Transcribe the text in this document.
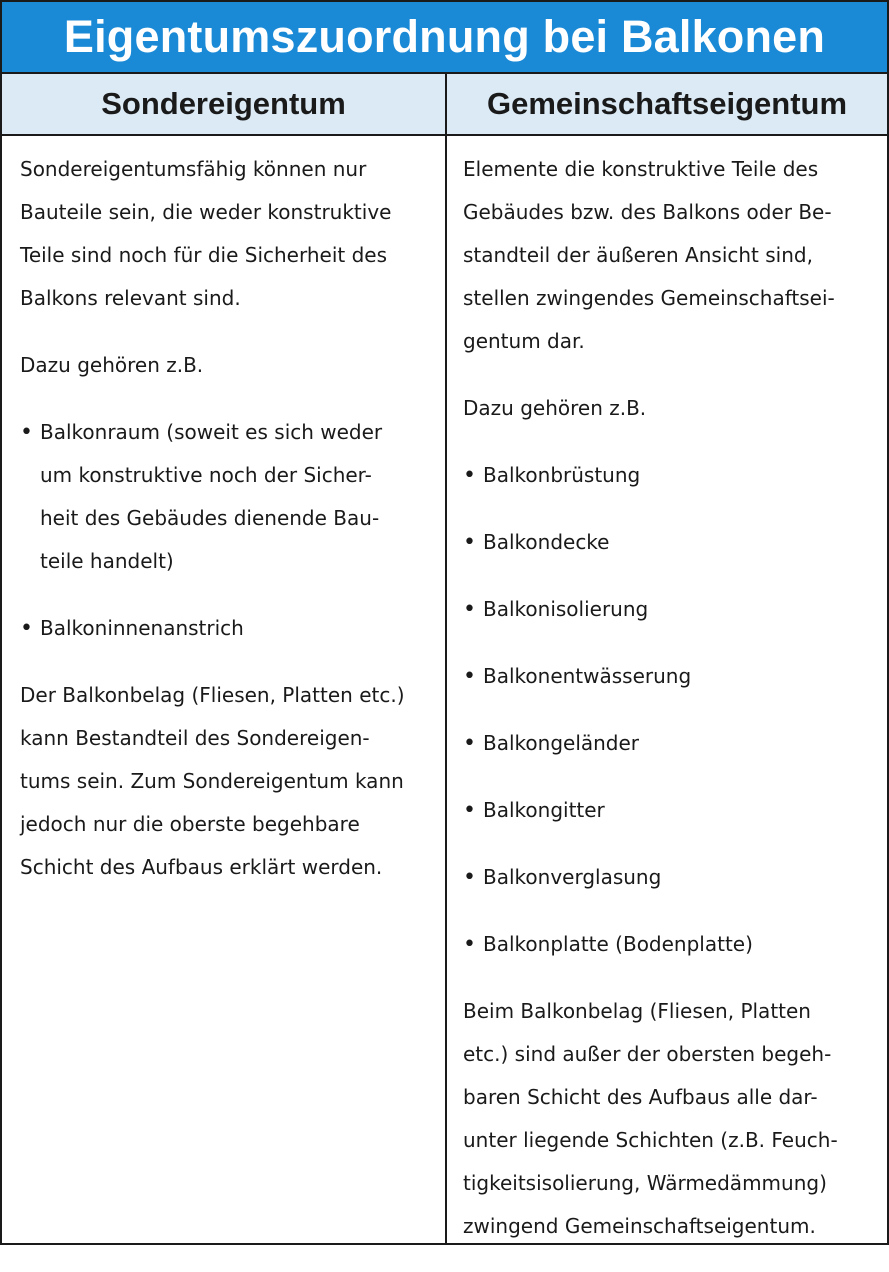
Eigentumszuordnung bei Balkonen
Sondereigentum	Gemeinschaftseigentum

Sondereigentumsfähig können nur
Bauteile sein, die weder konstruktive
Teile sind noch für die Sicherheit des
Balkons relevant sind.

Dazu gehören z.B.

• Balkonraum (soweit es sich weder
um konstruktive noch der Sicher-
heit des Gebäudes dienende Bau-
teile handelt)
• Balkoninnenanstrich

Der Balkonbelag (Fliesen, Platten etc.)
kann Bestandteil des Sondereigen-
tums sein. Zum Sondereigentum kann
jedoch nur die oberste begehbare
Schicht des Aufbaus erklärt werden.

Elemente die konstruktive Teile des
Gebäudes bzw. des Balkons oder Be-
standteil der äußeren Ansicht sind,
stellen zwingendes Gemeinschaftsei-
gentum dar.

Dazu gehören z.B.

• Balkonbrüstung
• Balkondecke
• Balkonisolierung
• Balkonentwässerung
• Balkongeländer
• Balkongitter
• Balkonverglasung
• Balkonplatte (Bodenplatte)

Beim Balkonbelag (Fliesen, Platten
etc.) sind außer der obersten begeh-
baren Schicht des Aufbaus alle dar-
unter liegende Schichten (z.B. Feuch-
tigkeitsisolierung, Wärmedämmung)
zwingend Gemeinschaftseigentum.
